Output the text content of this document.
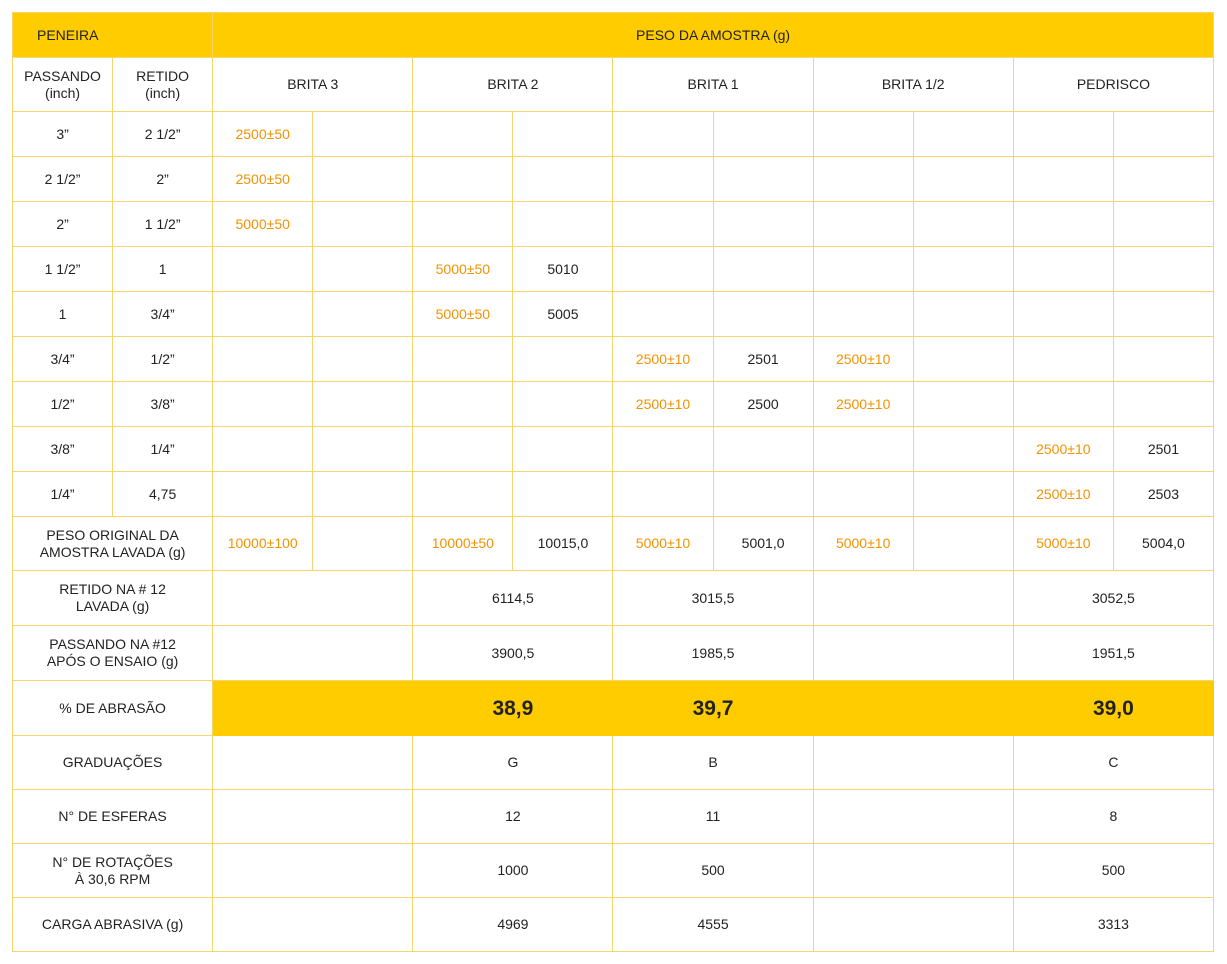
PENEIRA		PESO DA AMOSTRA (g)									
PASSANDO
(inch)	RETIDO
(inch)	BRITA 3		BRITA 2		BRITA 1		BRITA 1/2		PEDRISCO	
3”	2 1/2”	2500±50									
2 1/2”	2”	2500±50									
2”	1 1/2”	5000±50									
1 1/2”	1			5000±50	5010						
1	3/4”			5000±50	5005						
3/4”	1/2”					2500±10	2501	2500±10			
1/2”	3/8”					2500±10	2500	2500±10			
3/8”	1/4”									2500±10	2501
1/4”	4,75									2500±10	2503
PESO ORIGINAL DA
AMOSTRA LAVADA (g)		10000±100		10000±50	10015,0	5000±10	5001,0	5000±10		5000±10	5004,0
RETIDO NA # 12
LAVADA (g)				6114,5		3015,5				3052,5	
PASSANDO NA #12
APÓS O ENSAIO (g)				3900,5		1985,5				1951,5	
% DE ABRASÃO				38,9		39,7				39,0	
GRADUAÇÕES				G		B				C	
N° DE ESFERAS				12		11				8	
N° DE ROTAÇÕES
À 30,6 RPM				1000		500				500	
CARGA ABRASIVA (g)				4969		4555				3313	
